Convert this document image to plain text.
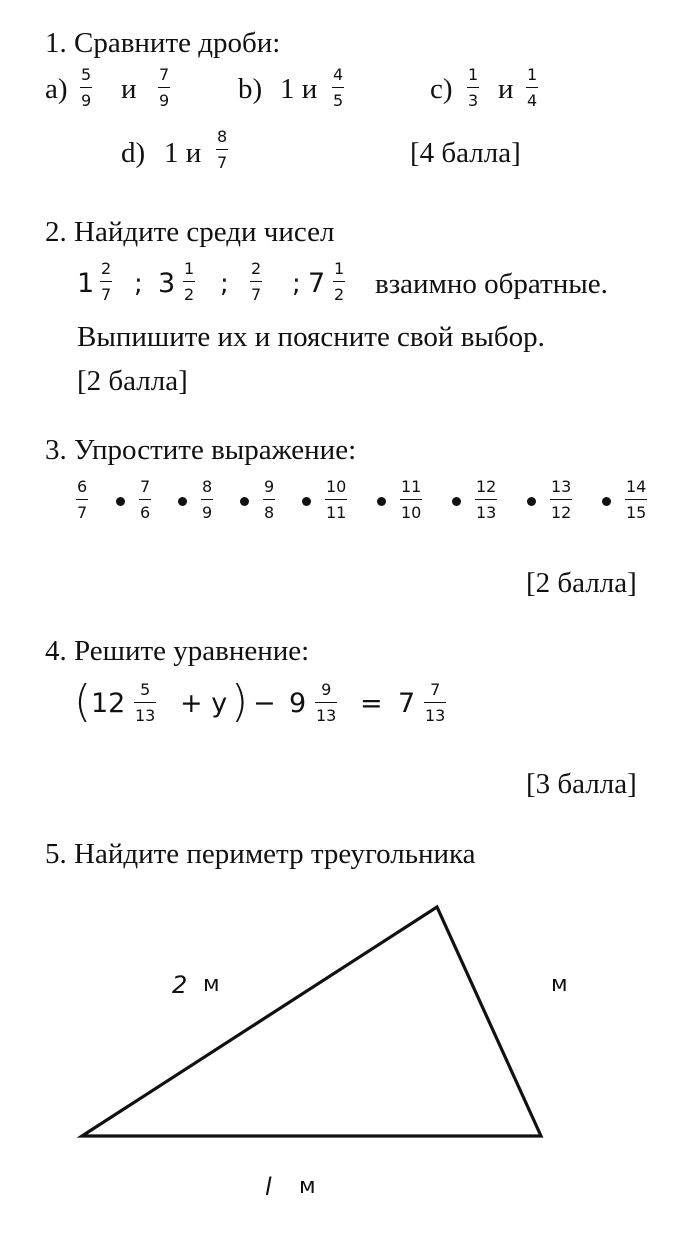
1. Сравните дроби:
a) 5
9 и 7
9 b) 1 и 4
5	c) 1
3 и 1
4
d) 1 и
8
7	[4 балла]
2. Найдите среди чисел
1 2
7 ; 3 1
2 ;
2
7 ; 7 1
2 взаимно обратные.
Выпишите их и поясните свой выбор.
[2 балла]
3. Упростите выражение:
6
7
7
6
8
9
9
8
10
11
11
10
12
13
13
12
14
15
[2 балла]
4. Решите уравнение:
( 12 5
13 + y ) − 9 9
13 = 7 7
13
[3 балла]
5. Найдите периметр треугольника
2 м	м
l м
